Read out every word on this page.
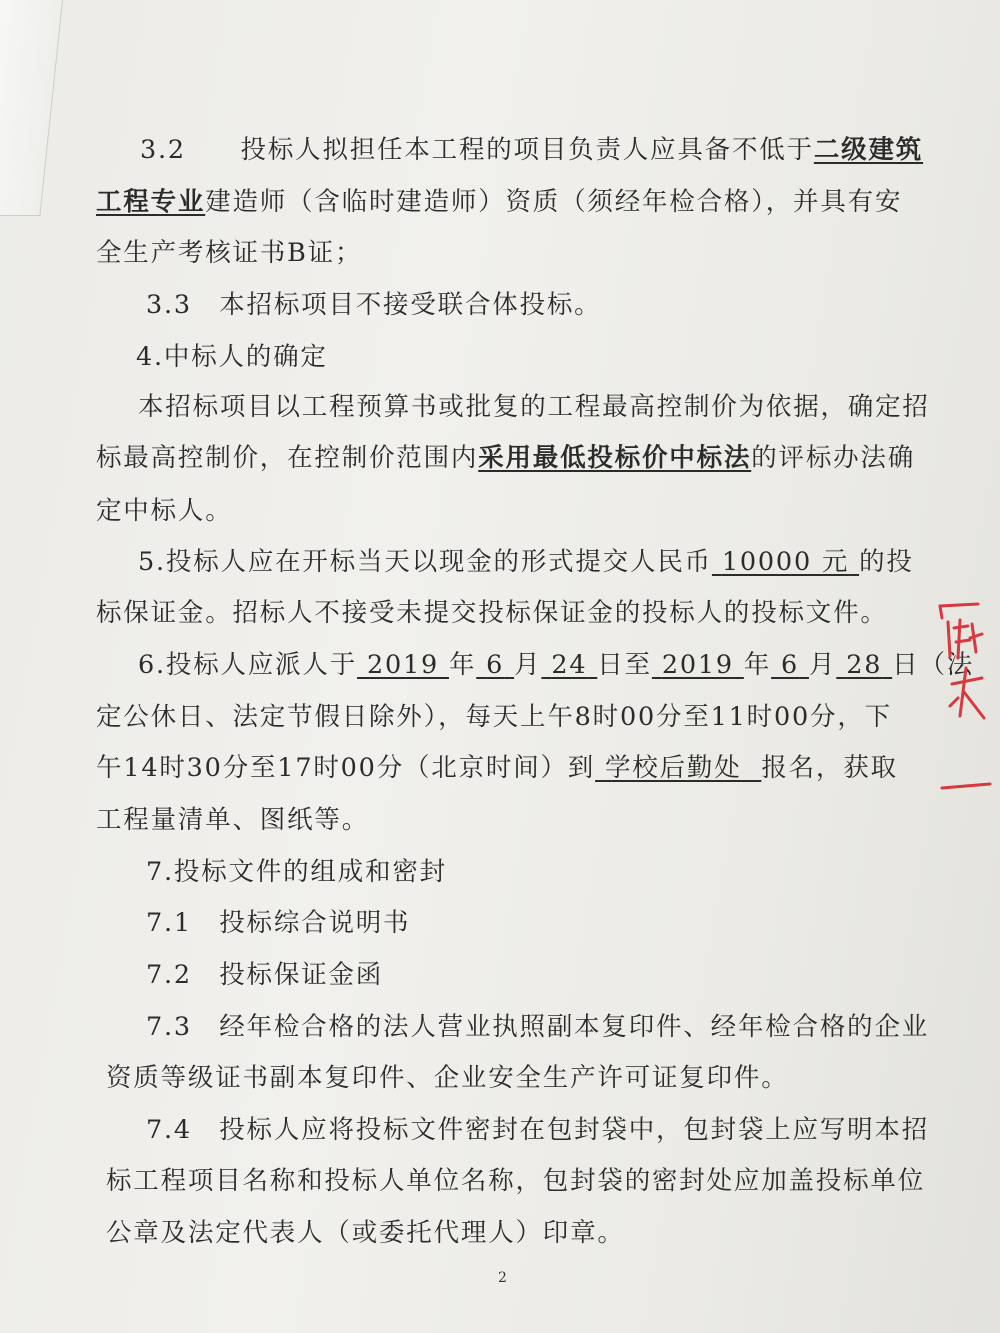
3.2　　投标人拟担任本工程的项目负责人应具备不低于二级建筑
工程专业建造师（含临时建造师）资质（须经年检合格），并具有安
全生产考核证书B证；
3.3　本招标项目不接受联合体投标。
4.中标人的确定
本招标项目以工程预算书或批复的工程最高控制价为依据，确定招
标最高控制价，在控制价范围内采用最低投标价中标法的评标办法确
定中标人。
5.投标人应在开标当天以现金的形式提交人民币 10000 元 的投
标保证金。招标人不接受未提交投标保证金的投标人的投标文件。
6.投标人应派人于 2019 年 6 月 24 日至 2019 年 6 月 28 日（法
定公休日、法定节假日除外），每天上午8时00分至11时00分，下
午14时30分至17时00分（北京时间）到 学校后勤处 报名，获取
工程量清单、图纸等。
7.投标文件的组成和密封
7.1　投标综合说明书
7.2　投标保证金函
7.3　经年检合格的法人营业执照副本复印件、经年检合格的企业
资质等级证书副本复印件、企业安全生产许可证复印件。
7.4　投标人应将投标文件密封在包封袋中，包封袋上应写明本招
标工程项目名称和投标人单位名称，包封袋的密封处应加盖投标单位
公章及法定代表人（或委托代理人）印章。
2
